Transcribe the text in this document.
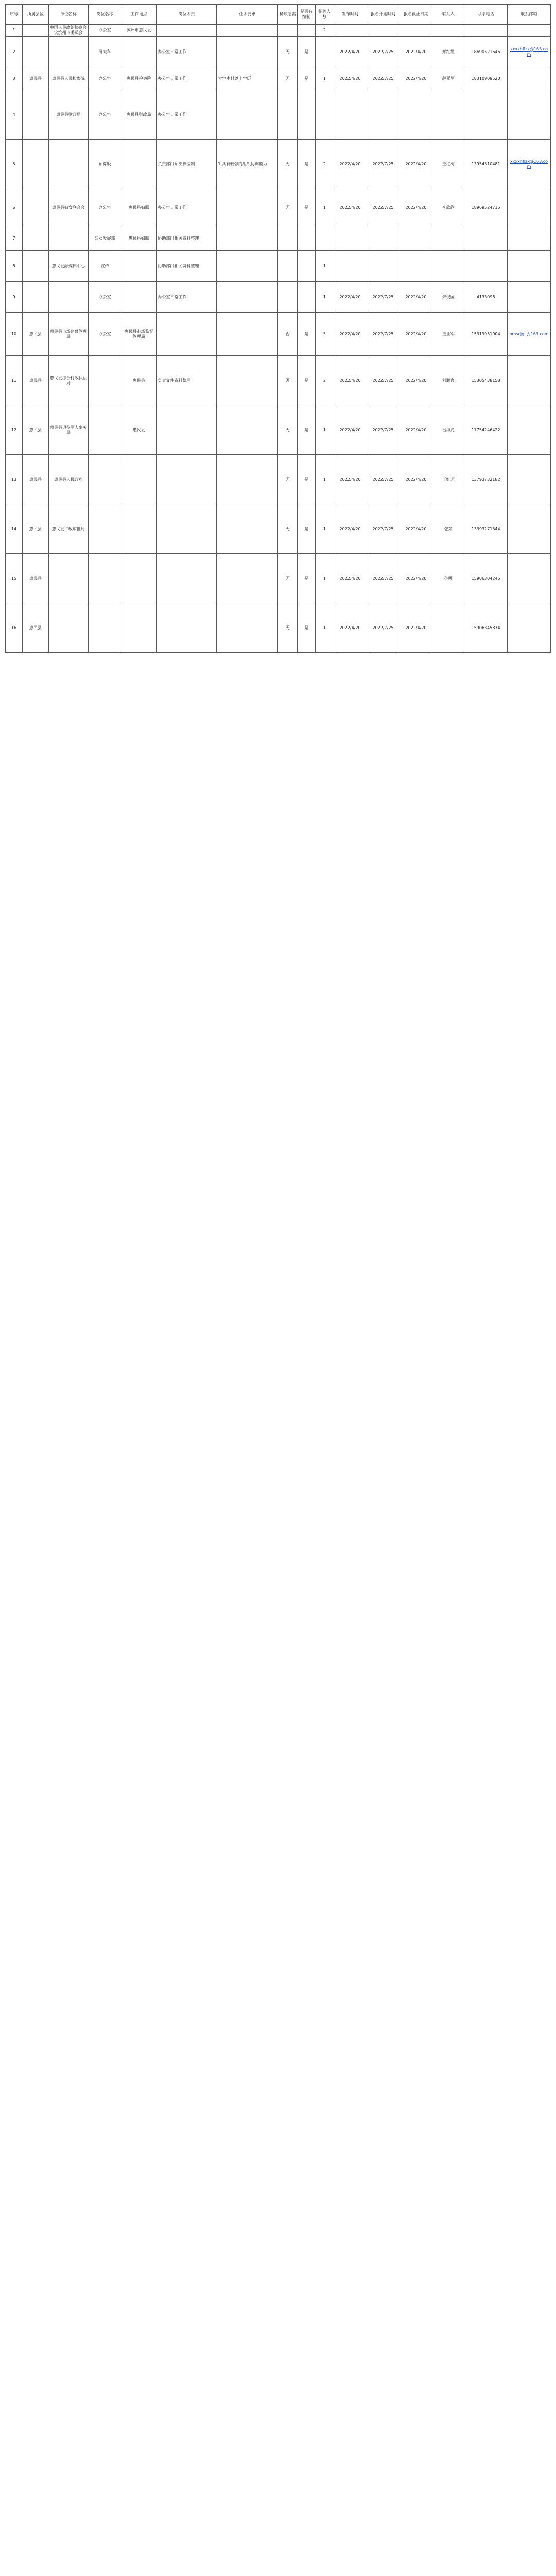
序号	所属县区	单位名称	岗位名称	工作地点	岗位职责	任职要求	稀缺急需	是否有编制	招聘人数	发布时间	报名开始时间	报名截止日期	联系人	联系电话	联系邮箱
1		中国人民政治协商会议滨州市委员会	办公室	滨州市惠民县					2						
2			研究科		办公室日常工作		无	是		2022/4/20	2022/7/25	2022/4/20	郑红霞	18690521646	xxxxhflzx@163.com
3	惠民县	惠民县人民检察院	办公室	惠民县检察院	办公室日常工作	大学本科以上学历	无	是	1	2022/4/20	2022/7/25	2022/4/20	薛亚军	18310909520	
4		惠民县财政局	办公室	惠民县财政局	办公室日常工作										
5			预算股		负责部门预决算编制	1.具有较强的组织协调能力	无	是	2	2022/4/20	2022/7/25	2022/4/20	王红梅	13954310481	xxxxhflzx@163.com
6		惠民县妇女联合会	办公室	惠民县妇联	办公室日常工作		无	是	1	2022/4/20	2022/7/25	2022/4/20	李欣欣	18969524715	
7			妇女发展部	惠民县妇联	协助部门相关资料整理										
8		惠民县融媒体中心	宣传		协助部门相关资料整理				1						
9			办公室		办公室日常工作				1	2022/4/20	2022/7/25	2022/4/20	朱俊国	4133096	
10	惠民县	惠民县市场监督管理局	办公室	惠民县市场监督管理局			否	是	5	2022/4/20	2022/7/25	2022/4/20	王亚军	15319951904	hmscjglj@163.com
11	惠民县	惠民县综合行政执法局		惠民县	负责文件资料整理		否	是	2	2022/4/20	2022/7/25	2022/4/20	刘鹏鑫	15305438158	
12	惠民县	惠民县退役军人事务局		惠民县			无	是	1	2022/4/20	2022/7/25	2022/4/20	吕海龙	17754246422	
13	惠民县	惠民县人民政府					无	是	1	2022/4/20	2022/7/25	2022/4/20	王红运	13793732182	
14	惠民县	惠民县行政审批局					无	是	1	2022/4/20	2022/7/25	2022/4/20	张东	13393271344	
15	惠民县						无	是	1	2022/4/20	2022/7/25	2022/4/20	孙明	15906304245	
16	惠民县						无	是	1	2022/4/20	2022/7/25	2022/4/20		15906345874	
